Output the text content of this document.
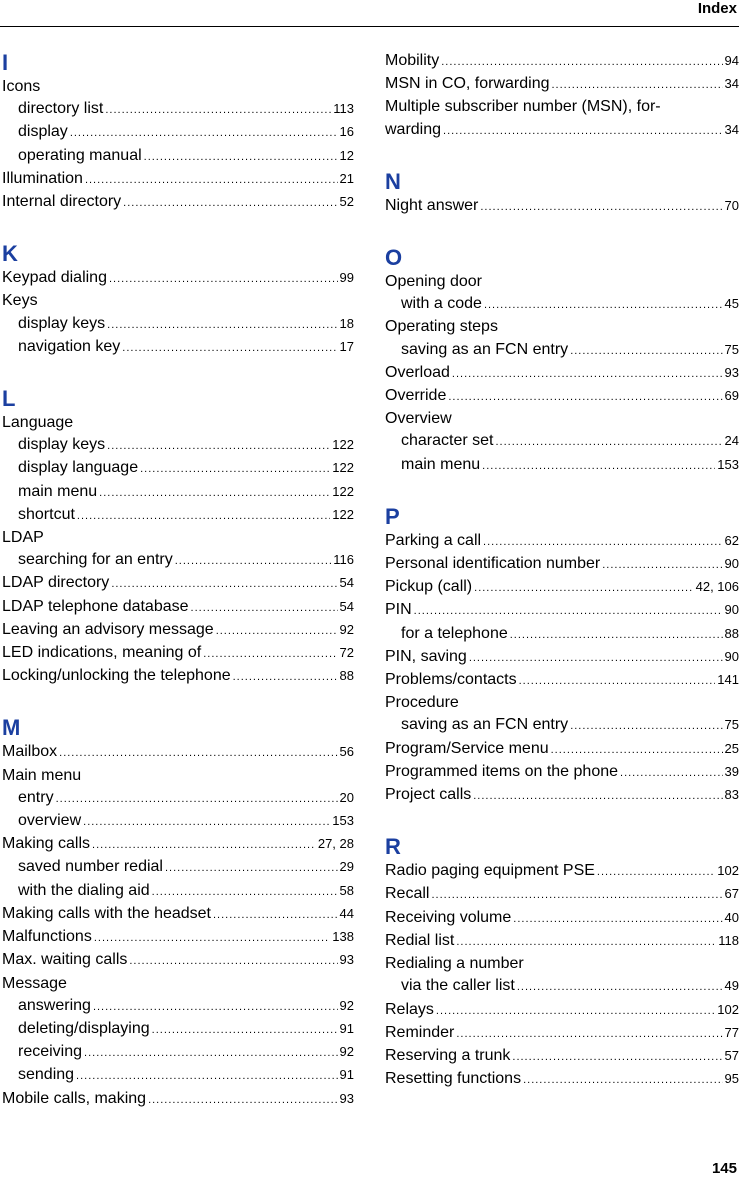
Index
I
Icons
directory list .....	113
display .....	16
operating manual .....	12
Illumination .....	21
Internal directory .....	52
K
Keypad dialing .....	99
Keys
display keys .....	18
navigation key .....	17
L
Language
display keys .....	122
display language .....	122
main menu .....	122
shortcut .....	122
LDAP
searching for an entry .....	116
LDAP directory .....	54
LDAP telephone database .....	54
Leaving an advisory message .....	92
LED indications, meaning of .....	72
Locking/unlocking the telephone .....	88
M
Mailbox .....	56
Main menu
entry .....	20
overview .....	153
Making calls .....	27, 28
saved number redial .....	29
with the dialing aid .....	58
Making calls with the headset .....	44
Malfunctions .....	138
Max. waiting calls .....	93
Message
answering .....	92
deleting/displaying .....	91
receiving .....	92
sending .....	91
Mobile calls, making .....	93
Mobility .....	94
MSN in CO, forwarding .....	34
Multiple subscriber number (MSN), for-
warding .....	34
N
Night answer .....	70
O
Opening door
with a code .....	45
Operating steps
saving as an FCN entry .....	75
Overload .....	93
Override .....	69
Overview
character set .....	24
main menu .....	153
P
Parking a call .....	62
Personal identification number .....	90
Pickup (call) .....	42, 106
PIN .....	90
for a telephone .....	88
PIN, saving .....	90
Problems/contacts .....	141
Procedure
saving as an FCN entry .....	75
Program/Service menu .....	25
Programmed items on the phone .....	39
Project calls .....	83
R
Radio paging equipment PSE .....	102
Recall .....	67
Receiving volume .....	40
Redial list .....	118
Redialing a number
via the caller list .....	49
Relays .....	102
Reminder .....	77
Reserving a trunk .....	57
Resetting functions .....	95
145
